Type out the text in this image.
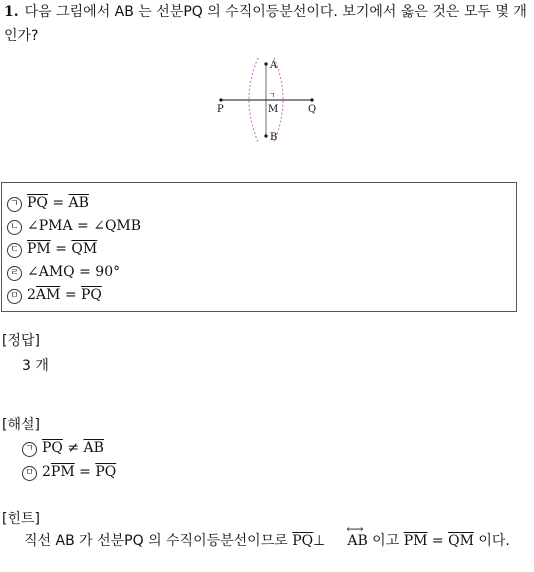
1. 다음 그림에서 AB 는 선분PQ 의 수직이등분선이다. 보기에서 옳은 것은 모두 몇 개인가?
ㄱ
A
B
P	Q
M
ㄱ $\overline{PQ} = \overline{AB}$
ㄴ ∠PMA = ∠QMB
ㄷ $\overline{PM} = \overline{QM}$
ㄹ ∠AMQ = 90°
ㅁ $2\overline{AM} = \overline{PQ}$
[정답]
3 개
[해설]
ㄱ $\overline{PQ} \ne \overline{AB}$
ㅁ $2\overline{PM} = \overline{PQ}$
[힌트]
직선 AB 가 선분PQ 의 수직이등분선이므로 $\overline{PQ}\perp$ ⟷ AB 이고 $\overline{PM} = \overline{QM}$ 이다.
